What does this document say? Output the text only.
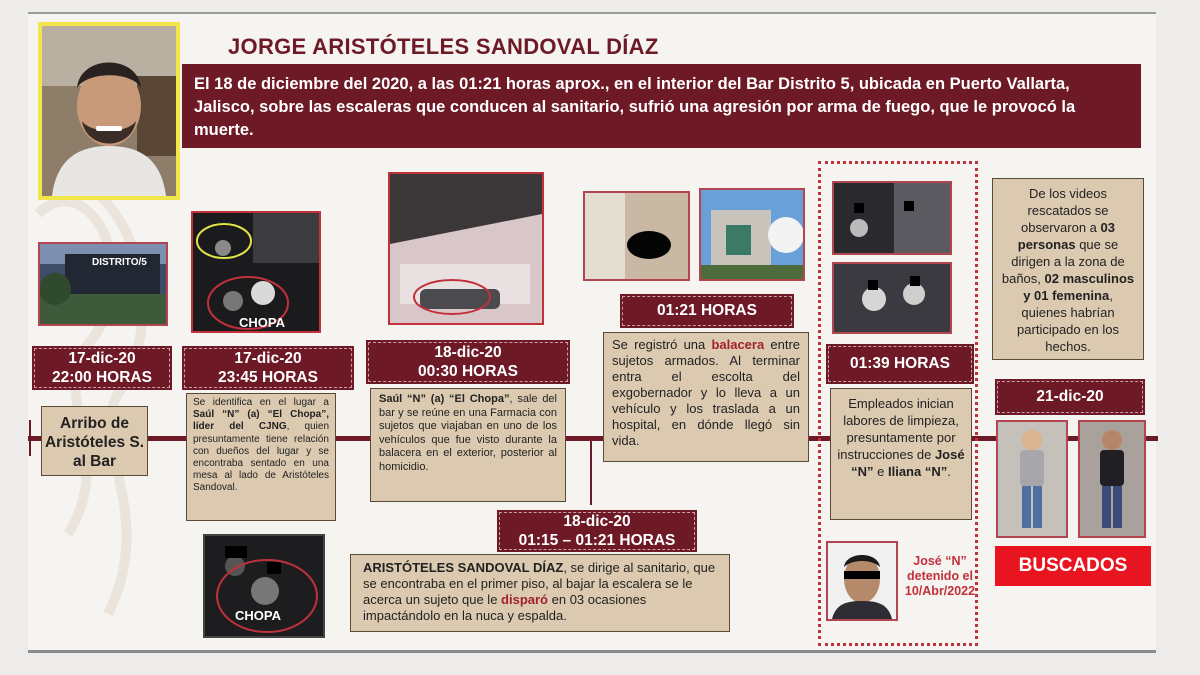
JORGE ARISTÓTELES SANDOVAL DÍAZ
El 18 de diciembre del 2020, a las 01:21 horas aprox., en el interior del Bar Distrito 5, ubicada en Puerto Vallarta, Jalisco, sobre las escaleras que conducen al sanitario, sufrió una agresión por arma de fuego, que le provocó la muerte.
DISTRITO/5
17-dic-20
22:00 HORAS
Arribo de Aristóteles S. al Bar
CHOPA
17-dic-20
23:45 HORAS
Se identifica en el lugar a Saúl “N” (a) “El Chopa”, líder del CJNG, quien presuntamente tiene relación con dueños del lugar y se encontraba sentado en una mesa al lado de Aristóteles Sandoval.
CHOPA
18-dic-20
00:30 HORAS
Saúl “N” (a) “El Chopa”, sale del bar y se reúne en una Farmacia con sujetos que viajaban en uno de los vehículos que fue visto durante la balacera en el exterior, posterior al homicidio.
18-dic-20
01:15 – 01:21 HORAS
ARISTÓTELES SANDOVAL DÍAZ, se dirige al sanitario, que se encontraba en el primer piso, al bajar la escalera se le acerca un sujeto que le disparó en 03 ocasiones impactándolo en la nuca y espalda.
01:21 HORAS
Se registró una balacera entre sujetos armados. Al terminar entra el escolta del exgobernador y lo lleva a un vehículo y los traslada a un hospital, en dónde llegó sin vida.
01:39 HORAS
Empleados inician labores de limpieza, presuntamente por instrucciones de José “N” e Iliana “N”.
José “N” detenido el 10/Abr/2022
De los videos rescatados se observaron a 03 personas que se dirigen a la zona de baños, 02 masculinos y 01 femenina, quienes habrían participado en los hechos.
21-dic-20
BUSCADOS
